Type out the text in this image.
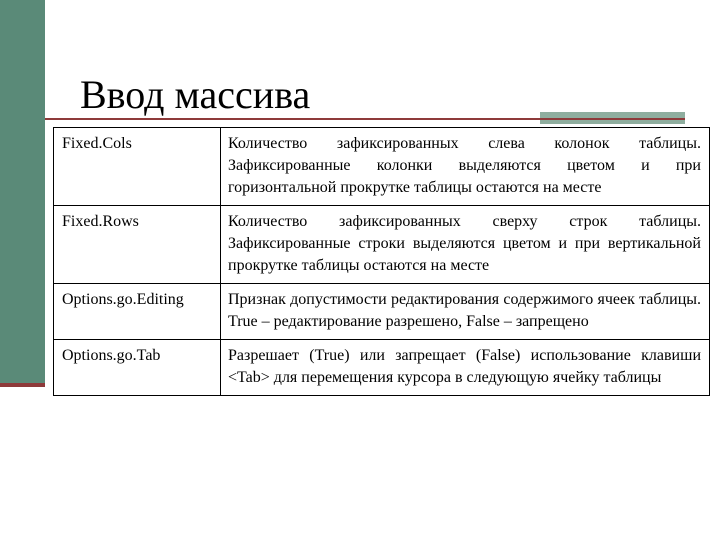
Ввод массива
Fixed.Cols	Количество зафиксированных слева колонок таблицы. Зафиксированные колонки выделяются цветом и при горизонтальной прокрутке таблицы остаются на месте
Fixed.Rows	Количество зафиксированных сверху строк таблицы. Зафиксированные строки выделяются цветом и при вертикальной прокрутке таблицы остаются на месте
Options.go.Editing	Признак допустимости редактирования содержимого ячеек таблицы. True – редактирование разрешено, False – запрещено
Options.go.Tab	Разрешает (True) или запрещает (False) использование клавиши <Tab> для перемещения курсора в следующую ячейку таблицы
